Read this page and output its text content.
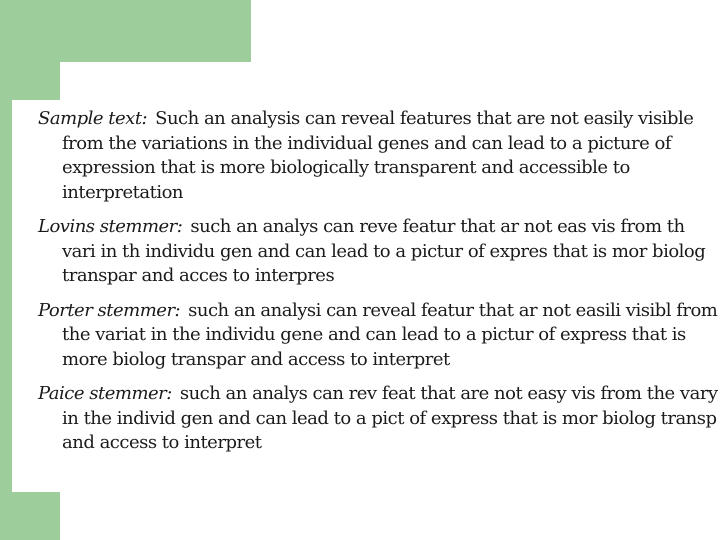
Sample text: Such an analysis can reveal features that are not easily visible from the variations in the individual genes and can lead to a picture of expression that is more biologically transparent and accessible to interpretation

Lovins stemmer: such an analys can reve featur that ar not eas vis from th vari in th individu gen and can lead to a pictur of expres that is mor biolog transpar and acces to interpres

Porter stemmer: such an analysi can reveal featur that ar not easili visibl from the variat in the individu gene and can lead to a pictur of express that is more biolog transpar and access to interpret

Paice stemmer: such an analys can rev feat that are not easy vis from the vary in the individ gen and can lead to a pict of express that is mor biolog transp and access to interpret
